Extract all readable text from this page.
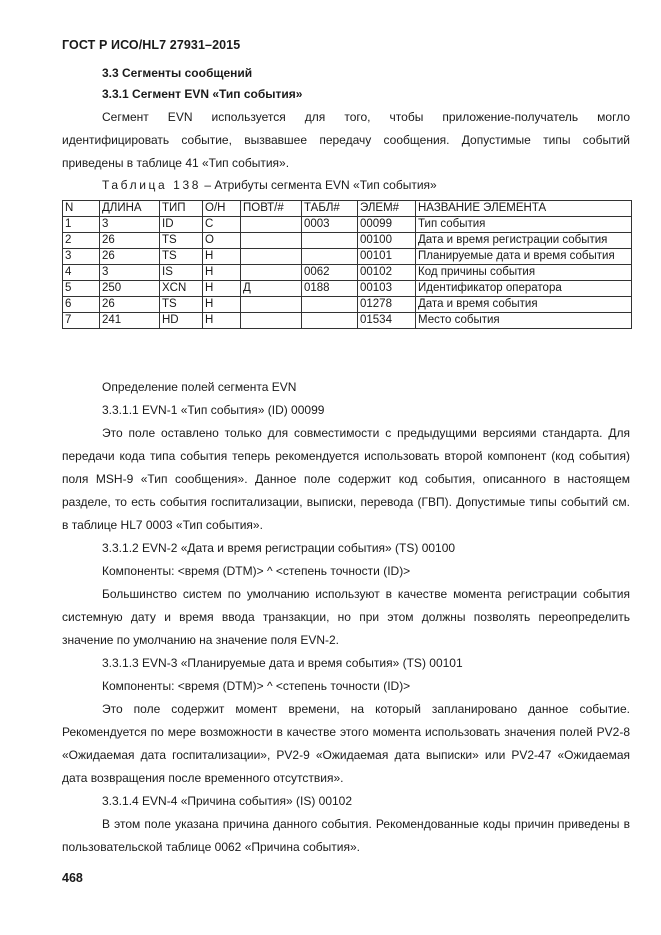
ГОСТ Р ИСО/HL7 27931–2015
3.3 Сегменты сообщений
3.3.1 Сегмент EVN «Тип события»

Сегмент EVN используется для того, чтобы приложение-получатель могло идентифицировать событие, вызвавшее передачу сообщения. Допустимые типы событий приведены в таблице 41 «Тип события».

Таблица 138 – Атрибуты сегмента EVN «Тип события»
N	ДЛИНА	ТИП	О/Н	ПОВТ/#	ТАБЛ#	ЭЛЕМ#	НАЗВАНИЕ ЭЛЕМЕНТА
1	3	ID	С		0003	00099	Тип события
2	26	TS	О			00100	Дата и время регистрации события
3	26	TS	Н			00101	Планируемые дата и время события
4	3	IS	Н		0062	00102	Код причины события
5	250	XCN	Н	Д	0188	00103	Идентификатор оператора
6	26	TS	Н			01278	Дата и время события
7	241	HD	Н			01534	Место события

Определение полей сегмента EVN

3.3.1.1 EVN-1 «Тип события» (ID) 00099

Это поле оставлено только для совместимости с предыдущими версиями стандарта. Для передачи кода типа события теперь рекомендуется использовать второй компонент (код события) поля MSH-9 «Тип сообщения». Данное поле содержит код события, описанного в настоящем разделе, то есть события госпитализации, выписки, перевода (ГВП). Допустимые типы событий см. в таблице HL7 0003 «Тип события».

3.3.1.2 EVN-2 «Дата и время регистрации события» (TS) 00100

Компоненты: <время (DTM)> ^ <степень точности (ID)>

Большинство систем по умолчанию используют в качестве момента регистрации события системную дату и время ввода транзакции, но при этом должны позволять переопределить значение по умолчанию на значение поля EVN-2.

3.3.1.3 EVN-3 «Планируемые дата и время события» (TS) 00101

Компоненты: <время (DTM)> ^ <степень точности (ID)>

Это поле содержит момент времени, на который запланировано данное событие. Рекомендуется по мере возможности в качестве этого момента использовать значения полей PV2-8 «Ожидаемая дата госпитализации», PV2-9 «Ожидаемая дата выписки» или PV2-47 «Ожидаемая дата возвращения после временного отсутствия».

3.3.1.4 EVN-4 «Причина события» (IS) 00102

В этом поле указана причина данного события. Рекомендованные коды причин приведены в пользовательской таблице 0062 «Причина события».

468
